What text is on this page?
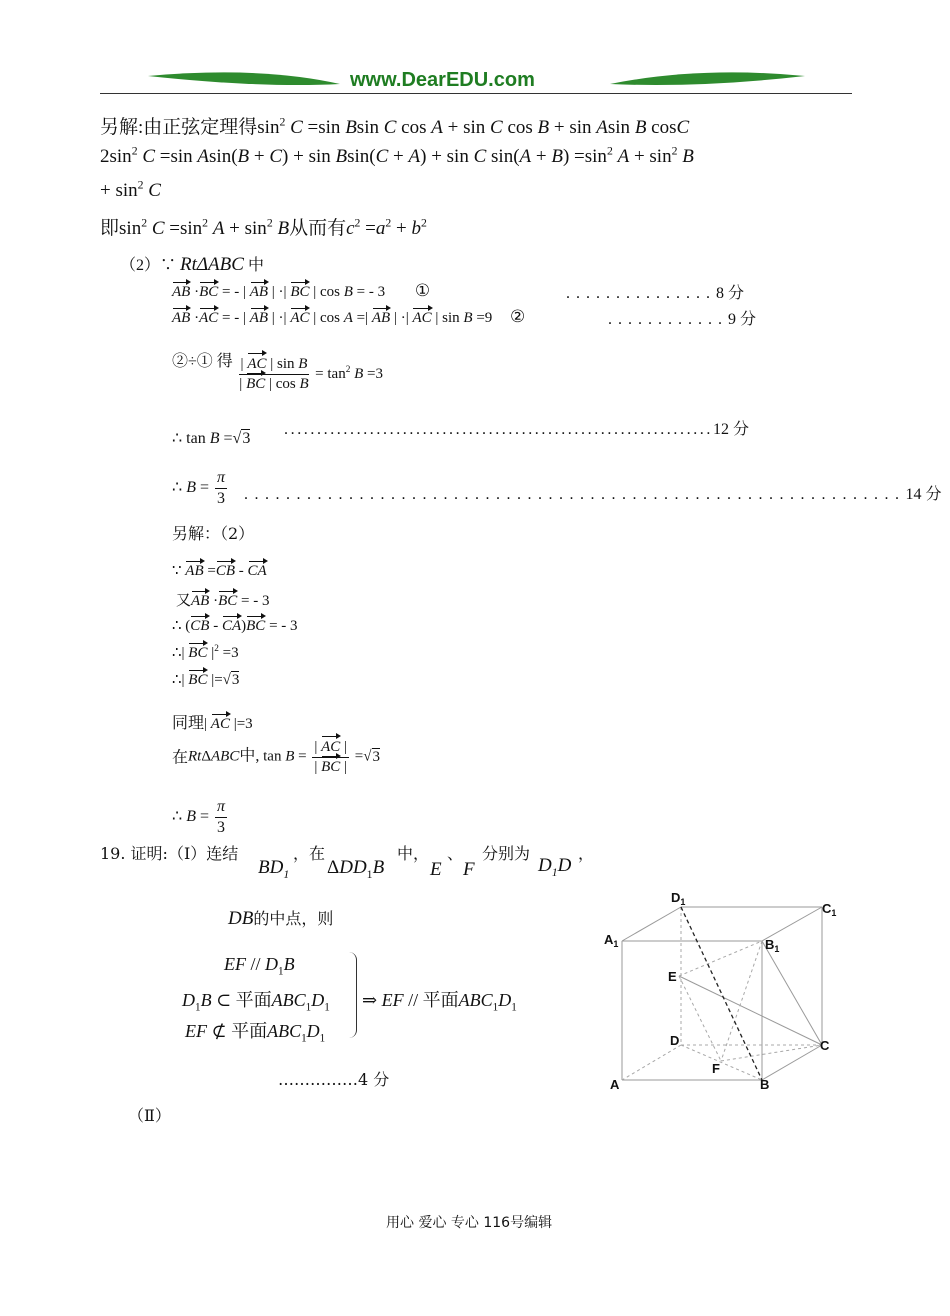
www.DearEDU.com
另解:由正弦定理得$\sin^2 C =\sin$ Bsin C cos A + sin C cos B + sin Asin B cosC
$2\sin^2$ C =sin Asin(B + C) + sin Bsin(C + A) + sin C $\sin(A + B) =\sin^2$ $A + \sin^2 B$
+ $\sin^2 C$
即$\sin^2 C =\sin^2$ $A + \sin^2 B$从而有$c^2 =a^2 + b^2$
（2）∵ RtΔABC 中
AB ·BC = - | AB | ·| BC | cos B = - 3 ①	...............8 分
AB ·AC = - | AB | ·| AC | cos A =| AB | ·| AC | sin B =9 ②	............9 分
②÷① 得 $\frac{\text{| AC | sin B}}{\text{| BC | cos B}} = \tan^2 B =3$
∴ tan B =√3
.................................................................12 分
∴ $B = \frac{\pi}{3} ...............................................................14$ 分
另解：（2）
∵ AB =CB - CA
又AB ·BC = - 3
∴ (CB - CA)BC = - 3
∴| BC $|^2 =3$
∴| BC |=√3
同理| AC |=3
在RtΔABC中, $\tan B = \frac{| AC |}{| BC |} =√3$
∴ $B = \frac{\pi}{3}$
19. 证明:（Ⅰ）连结
$BD_1$
，在
$\Delta DD_1B$
中，
E
、
F
分别为
$D_1D$
，
DB的中点，则
EF // $D_1B$
$D_1B$ ⊂ 平面$ABC_1D_1$
EF ⊄ 平面$ABC_1D_1$
⇒ EF // 平面$ABC_1D_1$
……………4 分
（Ⅱ）
$D_1$	$C_1$
$A_1$	$B_1$
E
D	C
F
A	B
用心 爱心 专心 116号编辑
